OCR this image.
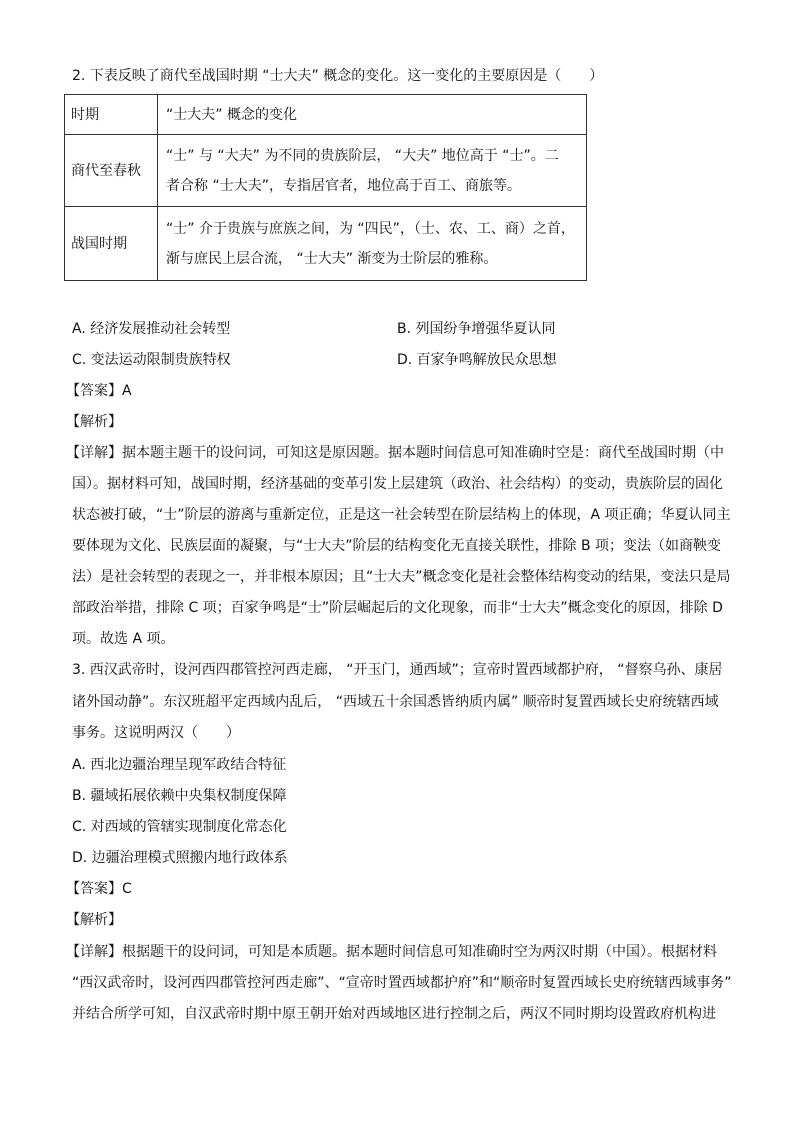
2. 下表反映了商代至战国时期 “士大夫” 概念的变化。这一变化的主要原因是（　　）
时期	“士大夫” 概念的变化
商代至春秋	“士” 与 “大夫” 为不同的贵族阶层， “大夫” 地位高于 “士”。二
者合称 “士大夫”，专指居官者，地位高于百工、商旅等。

战国时期	“士” 介于贵族与庶族之间，为 “四民”，（士、农、工、商）之首，
渐与庶民上层合流， “士大夫” 渐变为士阶层的雅称。
A. 经济发展推动社会转型	B. 列国纷争增强华夏认同
C. 变法运动限制贵族特权	D. 百家争鸣解放民众思想
【答案】A
【解析】
【详解】据本题主题干的设问词，可知这是原因题。据本题时间信息可知准确时空是：商代至战国时期（中
国）。据材料可知，战国时期，经济基础的变革引发上层建筑（政治、社会结构）的变动，贵族阶层的固化
状态被打破，“士”阶层的游离与重新定位，正是这一社会转型在阶层结构上的体现，A 项正确；华夏认同主
要体现为文化、民族层面的凝聚，与“士大夫”阶层的结构变化无直接关联性，排除 B 项；变法（如商鞅变
法）是社会转型的表现之一，并非根本原因；且“士大夫”概念变化是社会整体结构变动的结果，变法只是局
部政治举措，排除 C 项；百家争鸣是“士”阶层崛起后的文化现象，而非“士大夫”概念变化的原因，排除 D
项。故选 A 项。
3. 西汉武帝时，设河西四郡管控河西走廊， “开玉门，通西域”；宣帝时置西域都护府， “督察乌孙、康居
诸外国动静”。东汉班超平定西域内乱后， “西域五十余国悉皆纳质内属” 顺帝时复置西域长史府统辖西域
事务。这说明两汉（　　）
A. 西北边疆治理呈现军政结合特征
B. 疆域拓展依赖中央集权制度保障
C. 对西域的管辖实现制度化常态化
D. 边疆治理模式照搬内地行政体系
【答案】C
【解析】
【详解】根据题干的设问词，可知是本质题。据本题时间信息可知准确时空为两汉时期（中国）。根据材料
“西汉武帝时，设河西四郡管控河西走廊”、“宣帝时置西域都护府”和“顺帝时复置西域长史府统辖西域事务”
并结合所学可知，自汉武帝时期中原王朝开始对西域地区进行控制之后，两汉不同时期均设置政府机构进
